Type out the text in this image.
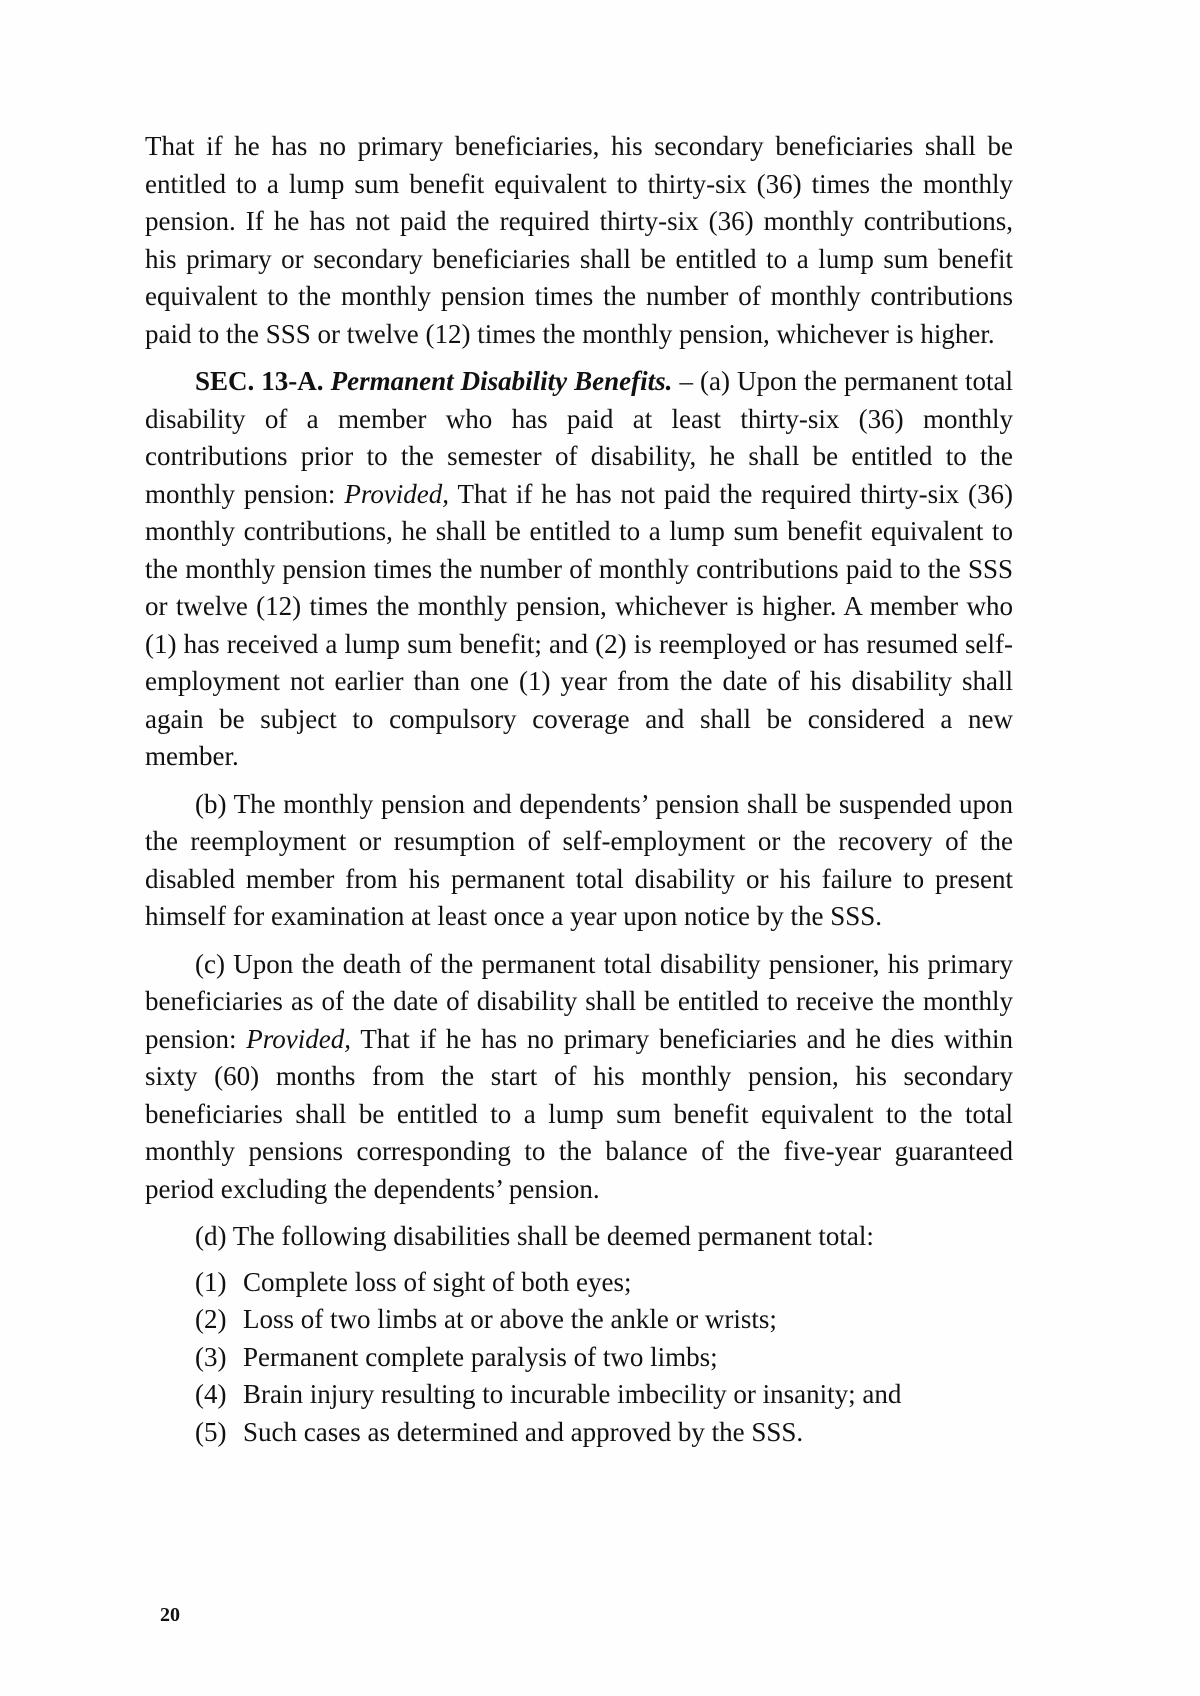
That if he has no primary beneficiaries, his secondary beneficiaries shall be entitled to a lump sum benefit equivalent to thirty-six (36) times the monthly pension. If he has not paid the required thirty-six (36) monthly contributions, his primary or secondary beneficiaries shall be entitled to a lump sum benefit equivalent to the monthly pension times the number of monthly contributions paid to the SSS or twelve (12) times the monthly pension, whichever is higher.

SEC. 13-A. Permanent Disability Benefits. – (a) Upon the permanent total disability of a member who has paid at least thirty-six (36) monthly contributions prior to the semester of disability, he shall be entitled to the monthly pension: Provided, That if he has not paid the required thirty-six (36) monthly contributions, he shall be entitled to a lump sum benefit equivalent to the monthly pension times the number of monthly contributions paid to the SSS or twelve (12) times the monthly pension, whichever is higher. A member who (1) has received a lump sum benefit; and (2) is reemployed or has resumed self-employment not earlier than one (1) year from the date of his disability shall again be subject to compulsory coverage and shall be considered a new member.

(b) The monthly pension and dependents’ pension shall be suspended upon the reemployment or resumption of self-employment or the recovery of the disabled member from his permanent total disability or his failure to present himself for examination at least once a year upon notice by the SSS.

(c) Upon the death of the permanent total disability pensioner, his primary beneficiaries as of the date of disability shall be entitled to receive the monthly pension: Provided, That if he has no primary beneficiaries and he dies within sixty (60) months from the start of his monthly pension, his secondary beneficiaries shall be entitled to a lump sum benefit equivalent to the total monthly pensions corresponding to the balance of the five-year guaranteed period excluding the dependents’ pension.

(d) The following disabilities shall be deemed permanent total:

(1) Complete loss of sight of both eyes;
(2) Loss of two limbs at or above the ankle or wrists;
(3) Permanent complete paralysis of two limbs;
(4) Brain injury resulting to incurable imbecility or insanity; and
(5) Such cases as determined and approved by the SSS.
20
